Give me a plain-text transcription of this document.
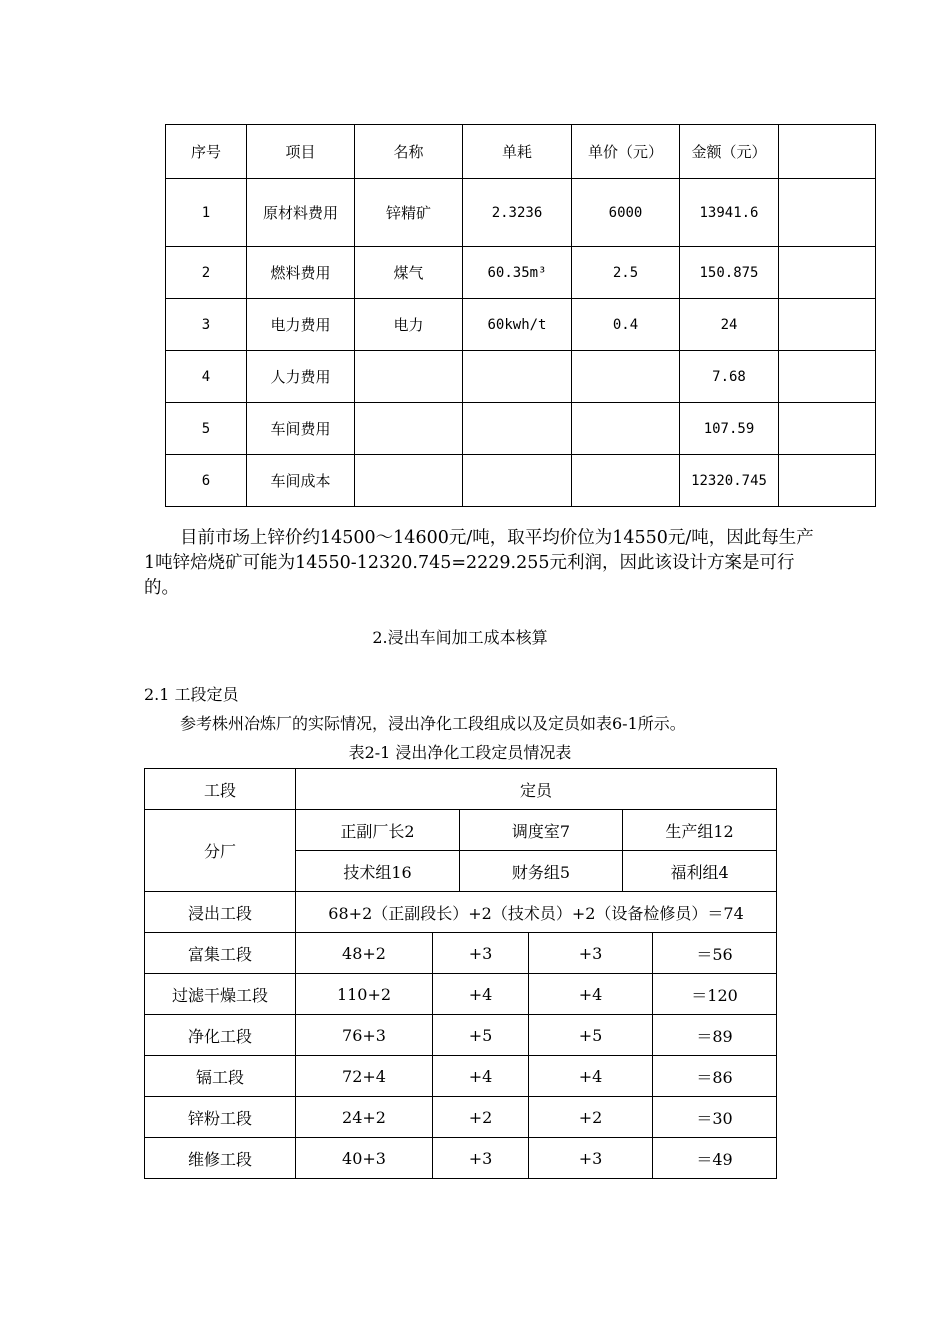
序号	项目	名称	单耗	单价（元）	金额（元）	
1	原材料费用	锌精矿	2.3236	6000	13941.6	
2	燃料费用	煤气	60.35m³	2.5	150.875	
3	电力费用	电力	60kwh/t	0.4	24	
4	人力费用				7.68	
5	车间费用				107.59	
6	车间成本				12320.745	
目前市场上锌价约14500～14600元/吨，取平均价位为14550元/吨，因此每生产1吨锌焙烧矿可能为14550-12320.745=2229.255元利润，因此该设计方案是可行的。
2.浸出车间加工成本核算
2.1 工段定员
参考株州冶炼厂的实际情况，浸出净化工段组成以及定员如表6-1所示。
表2-1 浸出净化工段定员情况表
工段	定员					
分厂	正副厂长2		调度室7		生产组12	
	技术组16		财务组5		福利组4	
浸出工段	68+2（正副段长）+2（技术员）+2（设备检修员）＝74					
富集工段	48+2	+3		+3		＝56
过滤干燥工段	110+2	+4		+4		＝120
净化工段	76+3	+5		+5		＝89
镉工段	72+4	+4		+4		＝86
锌粉工段	24+2	+2		+2		＝30
维修工段	40+3	+3		+3		＝49
